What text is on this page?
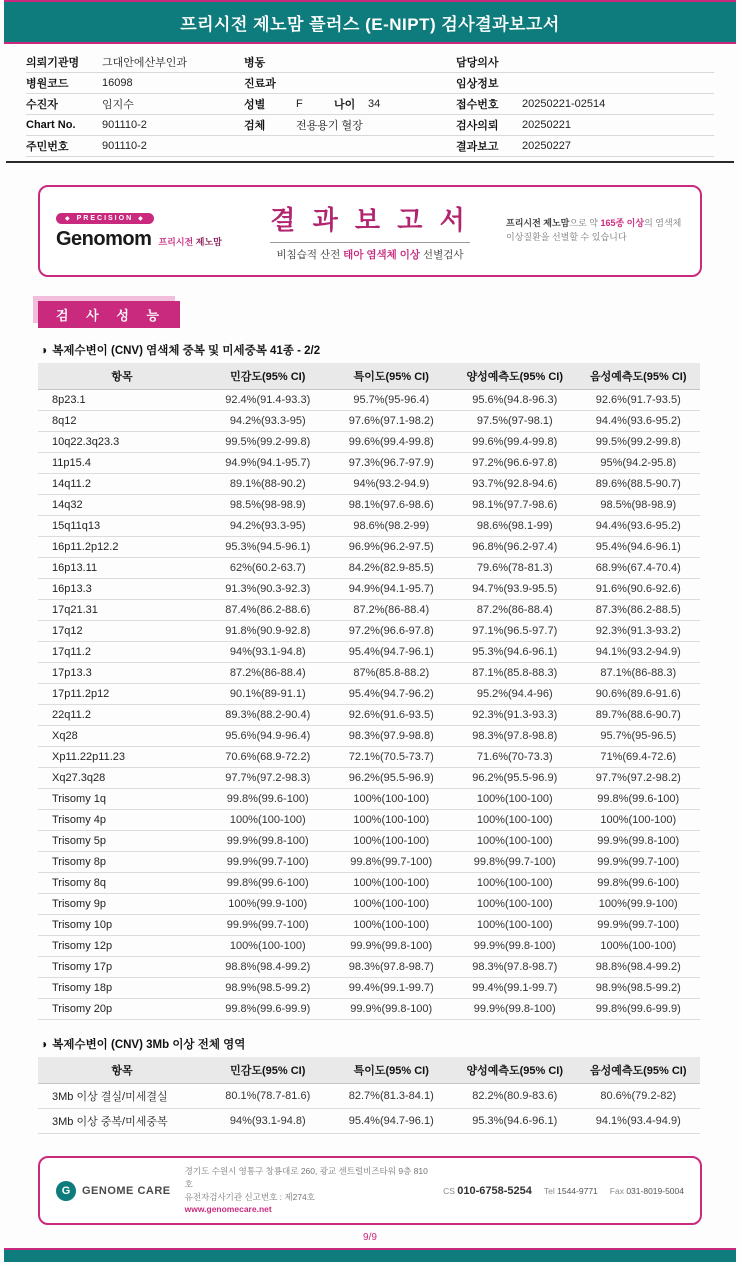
프리시전 제노맘 플러스 (E-NIPT) 검사결과보고서
의뢰기관명	그대안에산부인과
병원코드	16098
수진자	임지수
Chart No.	901110-2
주민번호	901110-2
병동
진료과
성별	F	나이	34
검체	전용용기 혈장
담당의사
임상정보
접수번호	20250221-02514
검사의뢰	20250221
결과보고	20250227
◆ PRECISION ◆
Genomom 프리시전 제노맘
결 과 보 고 서
비침습적 산전 태아 염색체 이상 선별검사
프리시전 제노맘으로 약 165종 이상의 염색체 이상질환을 선별할 수 있습니다
검 사 성 능
◑ 복제수변이 (CNV) 염색체 중복 및 미세중복 41종 - 2/2
항목	민감도(95% CI)	특이도(95% CI)	양성예측도(95% CI)	음성예측도(95% CI)
8p23.1	92.4%(91.4-93.3)	95.7%(95-96.4)	95.6%(94.8-96.3)	92.6%(91.7-93.5)
8q12	94.2%(93.3-95)	97.6%(97.1-98.2)	97.5%(97-98.1)	94.4%(93.6-95.2)
10q22.3q23.3	99.5%(99.2-99.8)	99.6%(99.4-99.8)	99.6%(99.4-99.8)	99.5%(99.2-99.8)
11p15.4	94.9%(94.1-95.7)	97.3%(96.7-97.9)	97.2%(96.6-97.8)	95%(94.2-95.8)
14q11.2	89.1%(88-90.2)	94%(93.2-94.9)	93.7%(92.8-94.6)	89.6%(88.5-90.7)
14q32	98.5%(98-98.9)	98.1%(97.6-98.6)	98.1%(97.7-98.6)	98.5%(98-98.9)
15q11q13	94.2%(93.3-95)	98.6%(98.2-99)	98.6%(98.1-99)	94.4%(93.6-95.2)
16p11.2p12.2	95.3%(94.5-96.1)	96.9%(96.2-97.5)	96.8%(96.2-97.4)	95.4%(94.6-96.1)
16p13.11	62%(60.2-63.7)	84.2%(82.9-85.5)	79.6%(78-81.3)	68.9%(67.4-70.4)
16p13.3	91.3%(90.3-92.3)	94.9%(94.1-95.7)	94.7%(93.9-95.5)	91.6%(90.6-92.6)
17q21.31	87.4%(86.2-88.6)	87.2%(86-88.4)	87.2%(86-88.4)	87.3%(86.2-88.5)
17q12	91.8%(90.9-92.8)	97.2%(96.6-97.8)	97.1%(96.5-97.7)	92.3%(91.3-93.2)
17q11.2	94%(93.1-94.8)	95.4%(94.7-96.1)	95.3%(94.6-96.1)	94.1%(93.2-94.9)
17p13.3	87.2%(86-88.4)	87%(85.8-88.2)	87.1%(85.8-88.3)	87.1%(86-88.3)
17p11.2p12	90.1%(89-91.1)	95.4%(94.7-96.2)	95.2%(94.4-96)	90.6%(89.6-91.6)
22q11.2	89.3%(88.2-90.4)	92.6%(91.6-93.5)	92.3%(91.3-93.3)	89.7%(88.6-90.7)
Xq28	95.6%(94.9-96.4)	98.3%(97.9-98.8)	98.3%(97.8-98.8)	95.7%(95-96.5)
Xp11.22p11.23	70.6%(68.9-72.2)	72.1%(70.5-73.7)	71.6%(70-73.3)	71%(69.4-72.6)
Xq27.3q28	97.7%(97.2-98.3)	96.2%(95.5-96.9)	96.2%(95.5-96.9)	97.7%(97.2-98.2)
Trisomy 1q	99.8%(99.6-100)	100%(100-100)	100%(100-100)	99.8%(99.6-100)
Trisomy 4p	100%(100-100)	100%(100-100)	100%(100-100)	100%(100-100)
Trisomy 5p	99.9%(99.8-100)	100%(100-100)	100%(100-100)	99.9%(99.8-100)
Trisomy 8p	99.9%(99.7-100)	99.8%(99.7-100)	99.8%(99.7-100)	99.9%(99.7-100)
Trisomy 8q	99.8%(99.6-100)	100%(100-100)	100%(100-100)	99.8%(99.6-100)
Trisomy 9p	100%(99.9-100)	100%(100-100)	100%(100-100)	100%(99.9-100)
Trisomy 10p	99.9%(99.7-100)	100%(100-100)	100%(100-100)	99.9%(99.7-100)
Trisomy 12p	100%(100-100)	99.9%(99.8-100)	99.9%(99.8-100)	100%(100-100)
Trisomy 17p	98.8%(98.4-99.2)	98.3%(97.8-98.7)	98.3%(97.8-98.7)	98.8%(98.4-99.2)
Trisomy 18p	98.9%(98.5-99.2)	99.4%(99.1-99.7)	99.4%(99.1-99.7)	98.9%(98.5-99.2)
Trisomy 20p	99.8%(99.6-99.9)	99.9%(99.8-100)	99.9%(99.8-100)	99.8%(99.6-99.9)
◑ 복제수변이 (CNV) 3Mb 이상 전체 영역
항목	민감도(95% CI)	특이도(95% CI)	양성예측도(95% CI)	음성예측도(95% CI)
3Mb 이상 결실/미세결실	80.1%(78.7-81.6)	82.7%(81.3-84.1)	82.2%(80.9-83.6)	80.6%(79.2-82)
3Mb 이상 중복/미세중복	94%(93.1-94.8)	95.4%(94.7-96.1)	95.3%(94.6-96.1)	94.1%(93.4-94.9)
G	GENOME CARE
경기도 수원시 영통구 창룡대로 260, 광교 센트럴비즈타워 9층 810호
유전자검사기관 신고번호 : 제274호
www.genomecare.net
CS 010-6758-5254 Tel 1544-9771 Fax 031-8019-5004
9/9
